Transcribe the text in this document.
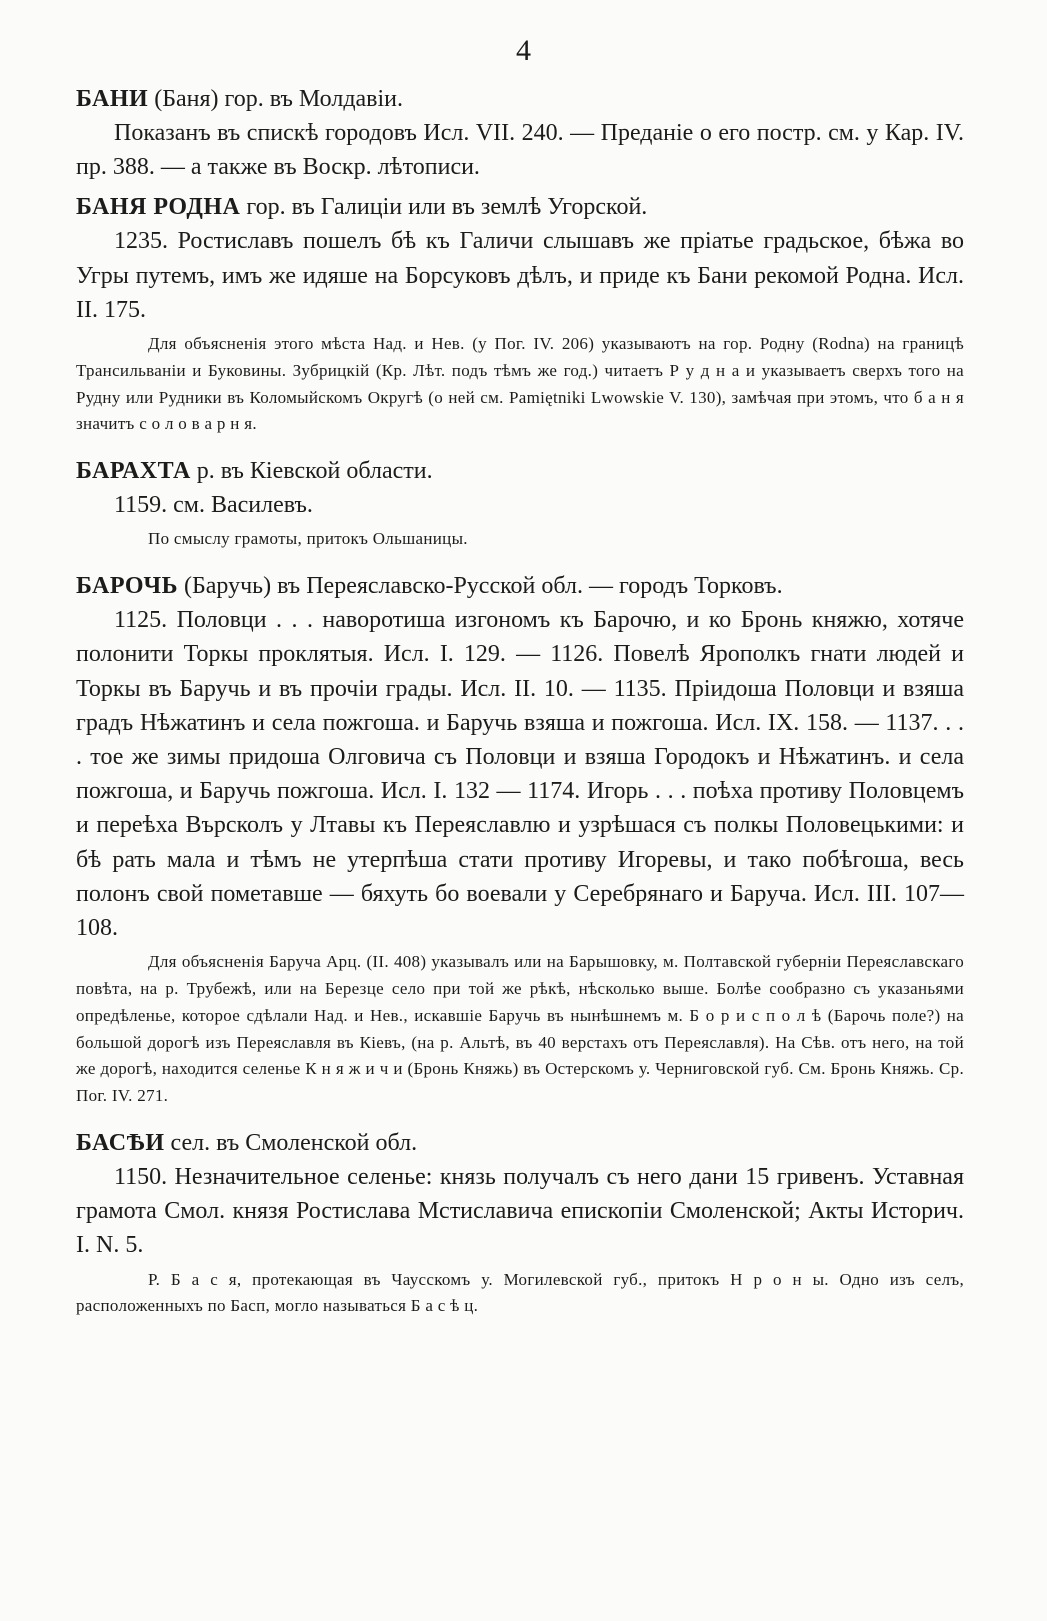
4

БАНИ (Баня) гор. въ Молдавіи.

Показанъ въ спискѣ городовъ Исл. VII. 240. — Преданіе о его постр. см. у Кар. IV. пр. 388. — а также въ Воскр. лѣтописи.

БАНЯ РОДНА гор. въ Галиціи или въ землѣ Угорской.

1235. Ростиславъ пошелъ бѣ къ Галичи слышавъ же пріатье градьское, бѣжа во Угры путемъ, имъ же идяше на Борсуковъ дѣлъ, и приде къ Бани рекомой Родна. Исл. II. 175.

Для объясненія этого мѣста Над. и Нев. (у Пог. IV. 206) указываютъ на гор. Родну (Rodna) на границѣ Трансильваніи и Буковины. Зубрицкій (Кр. Лѣт. подъ тѣмъ же год.) читаетъ Р у д н а и указываетъ сверхъ того на Рудну или Рудники въ Коломыйскомъ Округѣ (о ней см. Pamiętniki Lwowskie V. 130), замѣчая при этомъ, что б а н я значитъ с о л о в а р н я.

БАРАХТА р. въ Кіевской области.

1159. см. Василевъ.

По смыслу грамоты, притокъ Ольшаницы.

БАРОЧЬ (Баручь) въ Переяславско-Русской обл. — городъ Торковъ.

1125. Половци . . . наворотиша изгономъ къ Барочю, и ко Бронь княжю, хотяче полонити Торкы проклятыя. Исл. I. 129. — 1126. Повелѣ Ярополкъ гнати людей и Торкы въ Баручь и въ прочіи грады. Исл. II. 10. — 1135. Пріидоша Половци и взяша градъ Нѣжатинъ и села пожгоша. и Баручь взяша и пожгоша. Исл. IX. 158. — 1137. . . . тое же зимы придоша Олговича съ Половци и взяша Городокъ и Нѣжатинъ. и села пожгоша, и Баручь пожгоша. Исл. I. 132 — 1174. Игорь . . . поѣха противу Половцемъ и переѣха Върсколъ у Лтавы къ Переяславлю и узрѣшася съ полкы Половецькими: и бѣ рать мала и тѣмъ не утерпѣша стати противу Игоревы, и тако побѣгоша, весь полонъ свой пометавше — бяхуть бо воевали у Серебрянаго и Баруча. Исл. III. 107—108.

Для объясненія Баруча Арц. (II. 408) указывалъ или на Барышовку, м. Полтавской губерніи Переяславскаго повѣта, на р. Трубежѣ, или на Березце село при той же рѣкѣ, нѣсколько выше. Болѣе сообразно съ указаньями опредѣленье, которое сдѣлали Над. и Нев., искавшіе Баручь въ нынѣшнемъ м. Б о р и с п о л ѣ (Барочь поле?) на большой дорогѣ изъ Переяславля въ Кіевъ, (на р. Альтѣ, въ 40 верстахъ отъ Переяславля). На Сѣв. отъ него, на той же дорогѣ, находится селенье К н я ж и ч и (Бронь Княжь) въ Остерскомъ у. Черниговской губ. См. Бронь Княжь. Ср. Пог. IV. 271.

БАСѢИ сел. въ Смоленской обл.

1150. Незначительное селенье: князь получалъ съ него дани 15 гривенъ. Уставная грамота Смол. князя Ростислава Мстиславича епископіи Смоленской; Акты Историч. I. N. 5.

Р. Б а с я, протекающая въ Чаусскомъ у. Могилевской губ., притокъ Н р о н ы. Одно изъ селъ, расположенныхъ по Басп, могло называться Б а с ѣ ц.
